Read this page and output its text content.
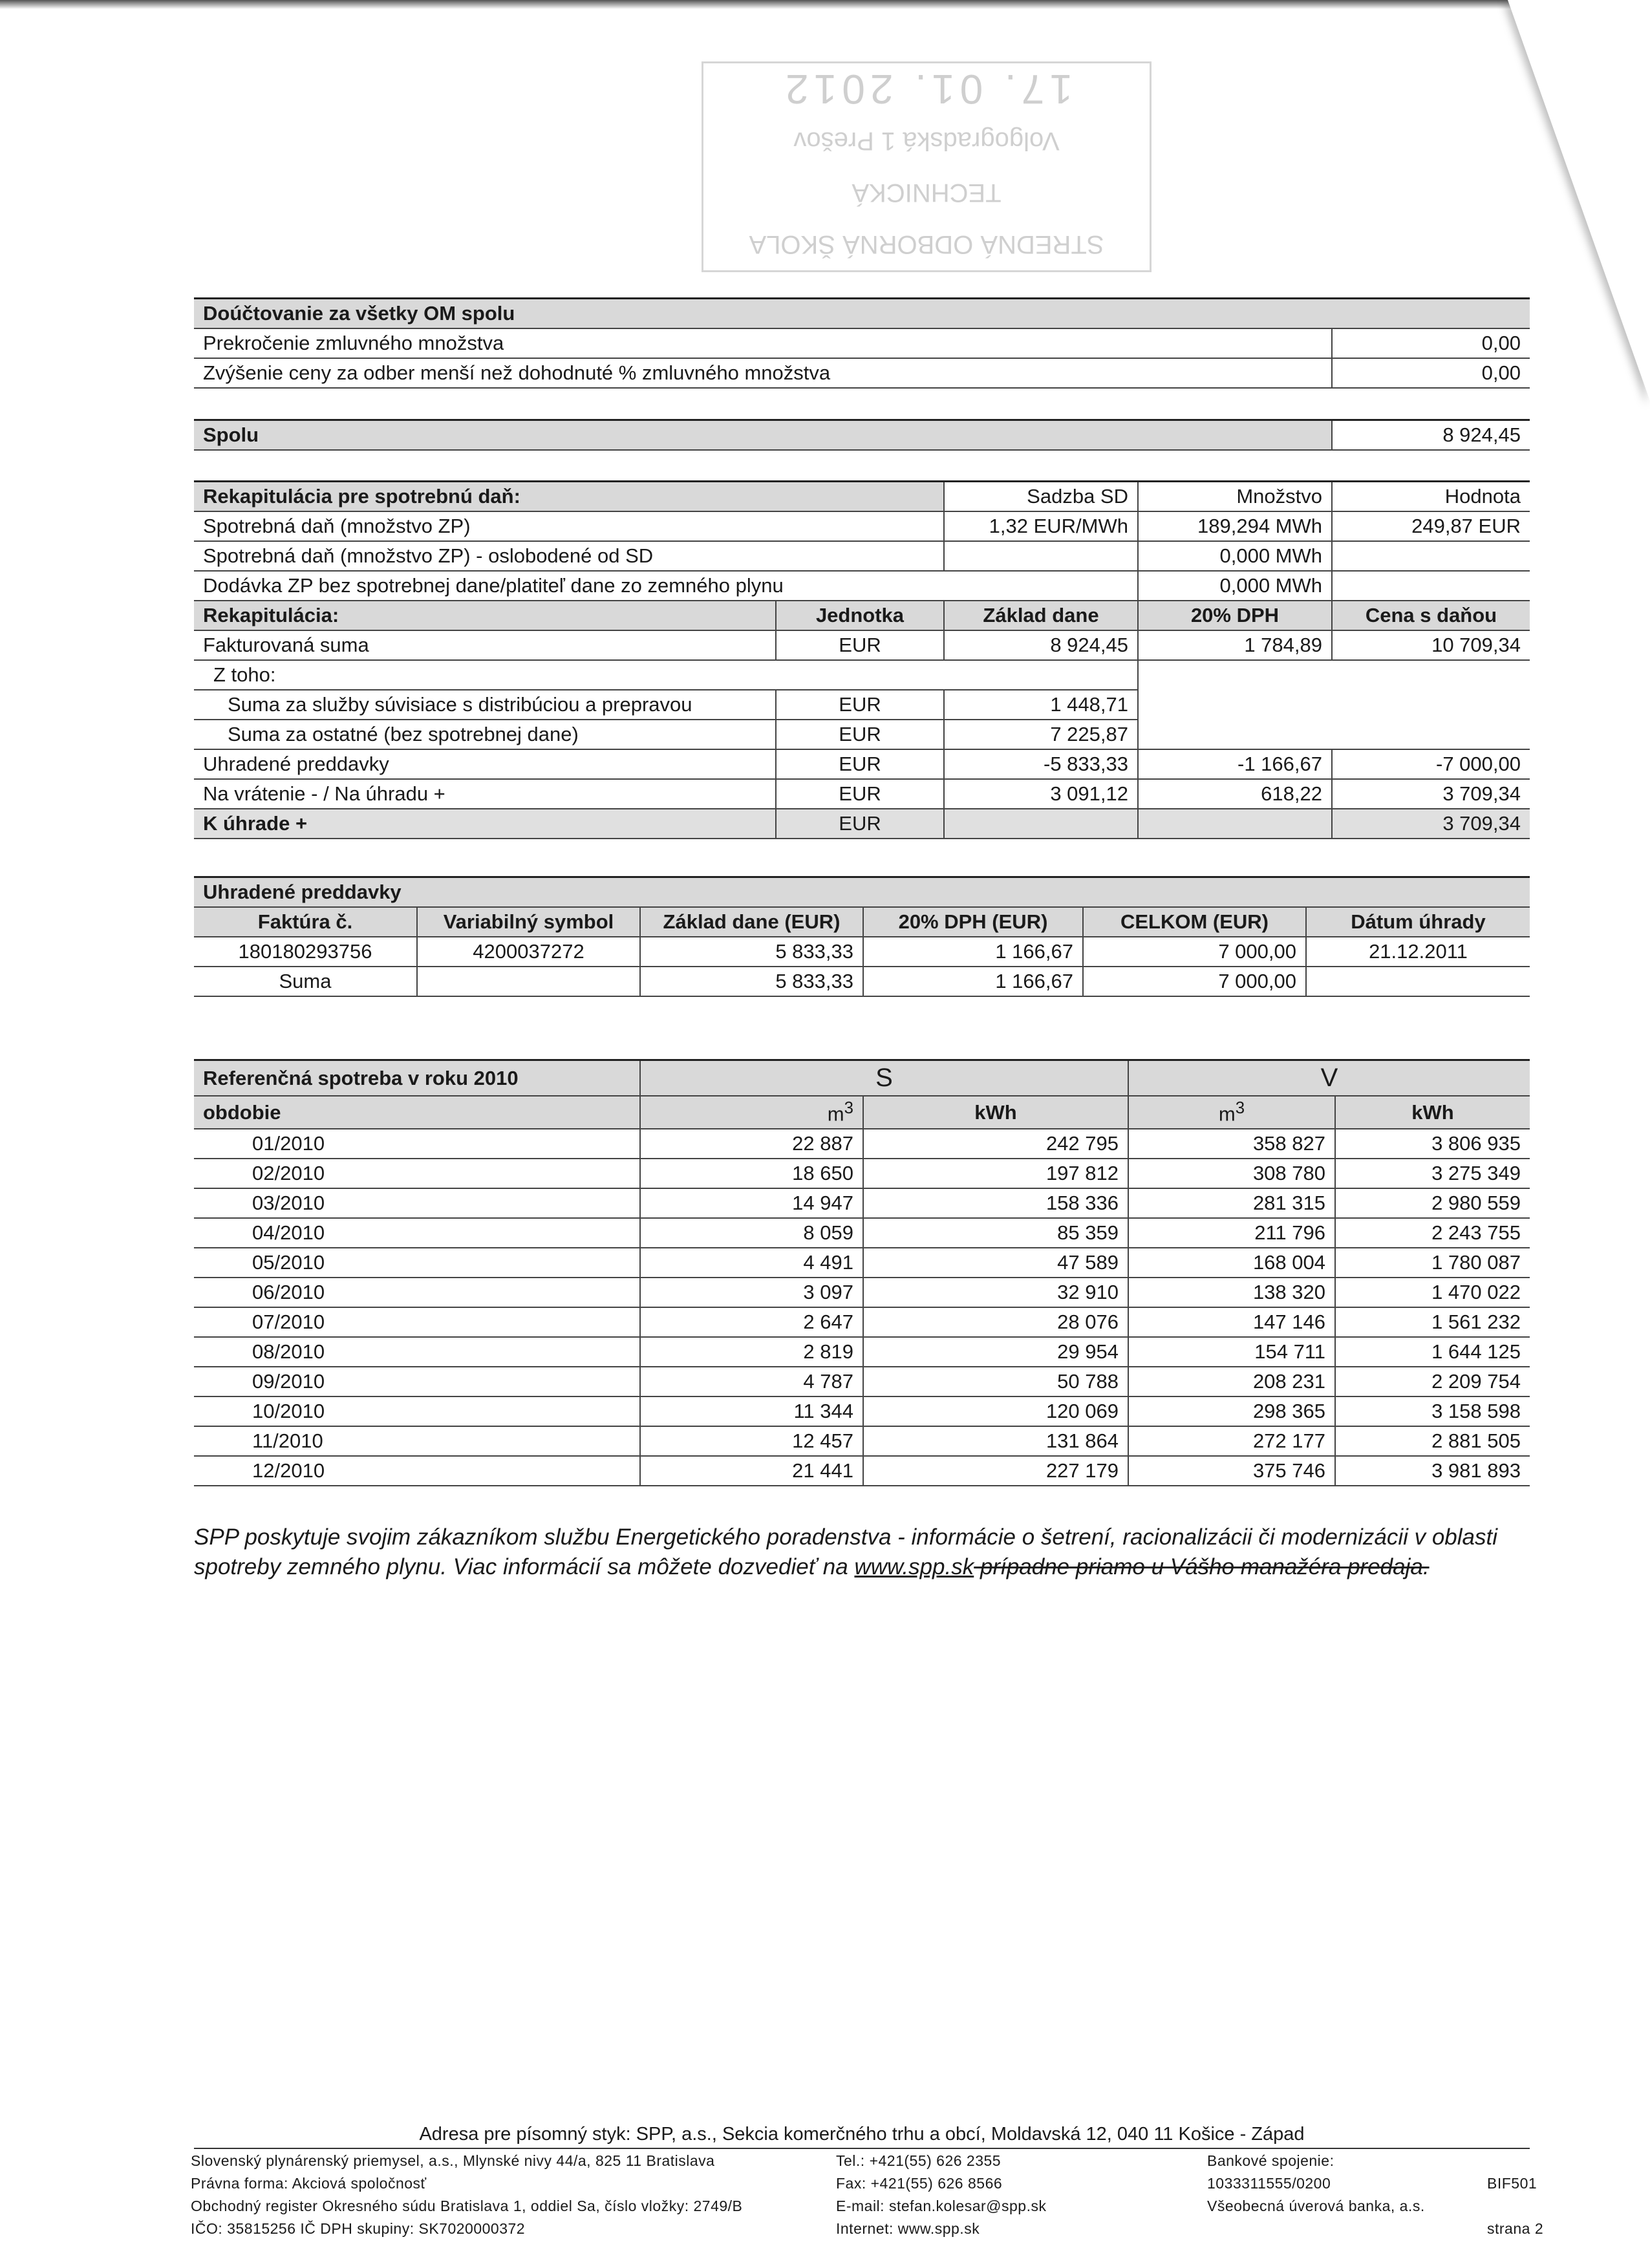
STREDNÁ ODBORNÁ ŠKOLA TECHNICKÁ
Volgogradská 1 Prešov
17. 01. 2012
Doúčtovanie za všetky OM spolu	
Prekročenie zmluvného množstva	0,00
Zvýšenie ceny za odber menší než dohodnuté % zmluvného množstva	0,00
Spolu	8 924,45
Rekapitulácia pre spotrebnú daň:		Sadzba SD	Množstvo	Hodnota
Spotrebná daň (množstvo ZP)		1,32 EUR/MWh	189,294 MWh	249,87 EUR
Spotrebná daň (množstvo ZP) - oslobodené od SD			0,000 MWh	
Dodávka ZP bez spotrebnej dane/platiteľ dane zo zemného plynu			0,000 MWh	
Rekapitulácia:	Jednotka	Základ dane	20% DPH	Cena s daňou
Fakturovaná suma	EUR	8 924,45	1 784,89	10 709,34
Z toho:				
Suma za služby súvisiace s distribúciou a prepravou	EUR	1 448,71		
Suma za ostatné (bez spotrebnej dane)	EUR	7 225,87		
Uhradené preddavky	EUR	-5 833,33	-1 166,67	-7 000,00
Na vrátenie - / Na úhradu +	EUR	3 091,12	618,22	3 709,34
K úhrade +	EUR			3 709,34
Uhradené preddavky					
Faktúra č.	Variabilný symbol	Základ dane (EUR)	20% DPH (EUR)	CELKOM (EUR)	Dátum úhrady
180180293756	4200037272	5 833,33	1 166,67	7 000,00	21.12.2011
Suma		5 833,33	1 166,67	7 000,00	
Referenčná spotreba v roku 2010	S		V	
obdobie	$m^3$	kWh	$m^3$	kWh
01/2010	22 887	242 795	358 827	3 806 935
02/2010	18 650	197 812	308 780	3 275 349
03/2010	14 947	158 336	281 315	2 980 559
04/2010	8 059	85 359	211 796	2 243 755
05/2010	4 491	47 589	168 004	1 780 087
06/2010	3 097	32 910	138 320	1 470 022
07/2010	2 647	28 076	147 146	1 561 232
08/2010	2 819	29 954	154 711	1 644 125
09/2010	4 787	50 788	208 231	2 209 754
10/2010	11 344	120 069	298 365	3 158 598
11/2010	12 457	131 864	272 177	2 881 505
12/2010	21 441	227 179	375 746	3 981 893
SPP poskytuje svojim zákazníkom službu Energetického poradenstva - informácie o šetrení, racionalizácii či modernizácii v oblasti spotreby zemného plynu. Viac informácií sa môžete dozvedieť na www.spp.sk prípadne priamo u Vášho manažéra predaja.
Adresa pre písomný styk: SPP, a.s., Sekcia komerčného trhu a obcí, Moldavská 12, 040 11 Košice - Západ
Slovenský plynárenský priemysel, a.s., Mlynské nivy 44/a, 825 11 Bratislava
Právna forma: Akciová spoločnosť
Obchodný register Okresného súdu Bratislava 1, oddiel Sa, číslo vložky: 2749/B
IČO: 35815256 IČ DPH skupiny: SK7020000372
Tel.: +421(55) 626 2355
Fax: +421(55) 626 8566
E-mail: stefan.kolesar@spp.sk
Internet: www.spp.sk
Bankové spojenie:
1033311555/0200
Všeobecná úverová banka, a.s.
BIF501
strana 2
